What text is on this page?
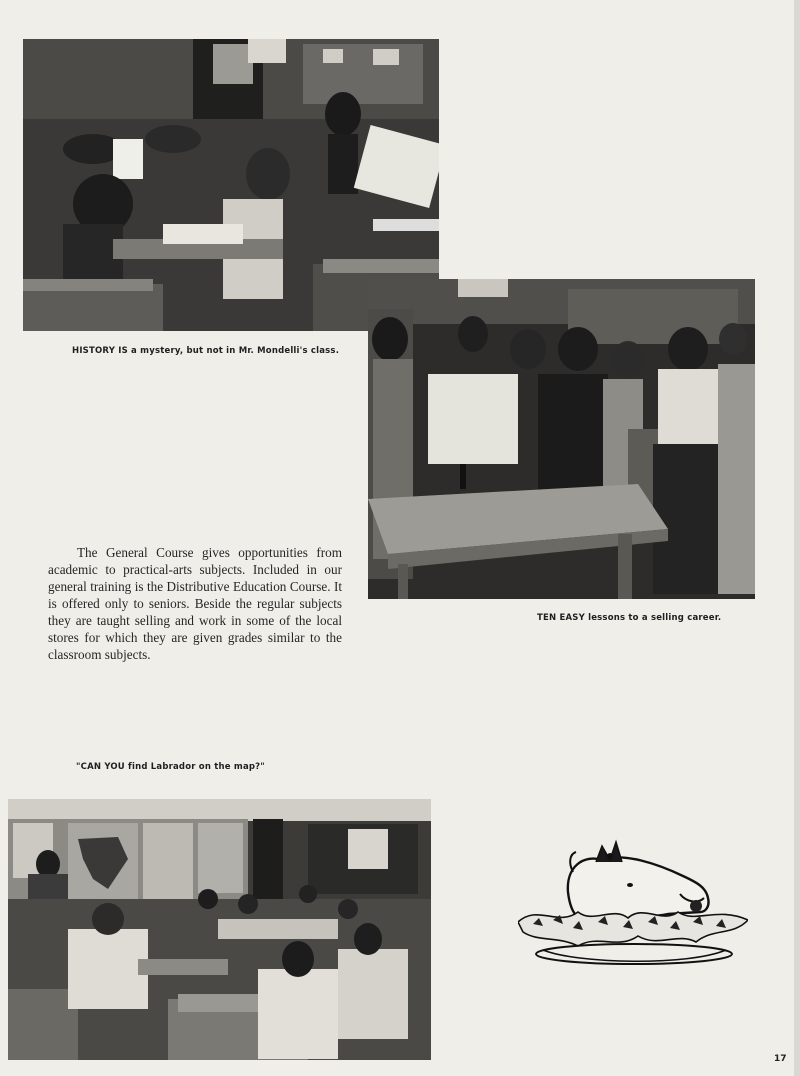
HISTORY IS a mystery, but not in Mr. Mondelli's class.
TEN EASY lessons to a selling career.

The General Course gives opportunities from academic to practical-arts subjects. Included in our general training is the Distributive Education Course. It is offered only to seniors. Beside the regular subjects they are taught selling and work in some of the local stores for which they are given grades similar to the classroom subjects.

"CAN YOU find Labrador on the map?"
17
